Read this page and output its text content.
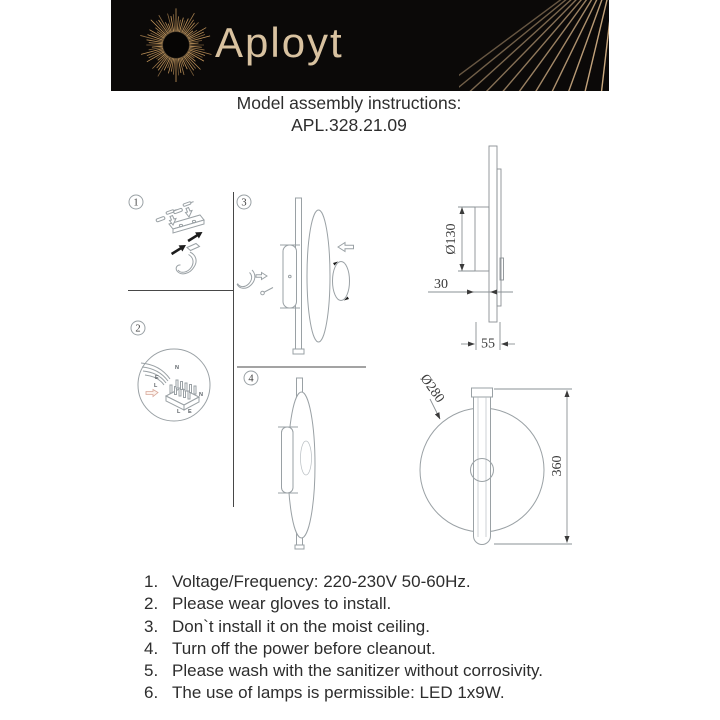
Aployt
Model assembly instructions:
APL.328.21.09
1
2
N
E
L
N
L E
3
4
Ø130
30
55
Ø280
360
1. Voltage/Frequency: 220-230V 50-60Hz.
2. Please wear gloves to install.
3. Don`t install it on the moist ceiling.
4. Turn off the power before cleanout.
5. Please wash with the sanitizer without corrosivity.
6. The use of lamps is permissible: LED 1x9W.
